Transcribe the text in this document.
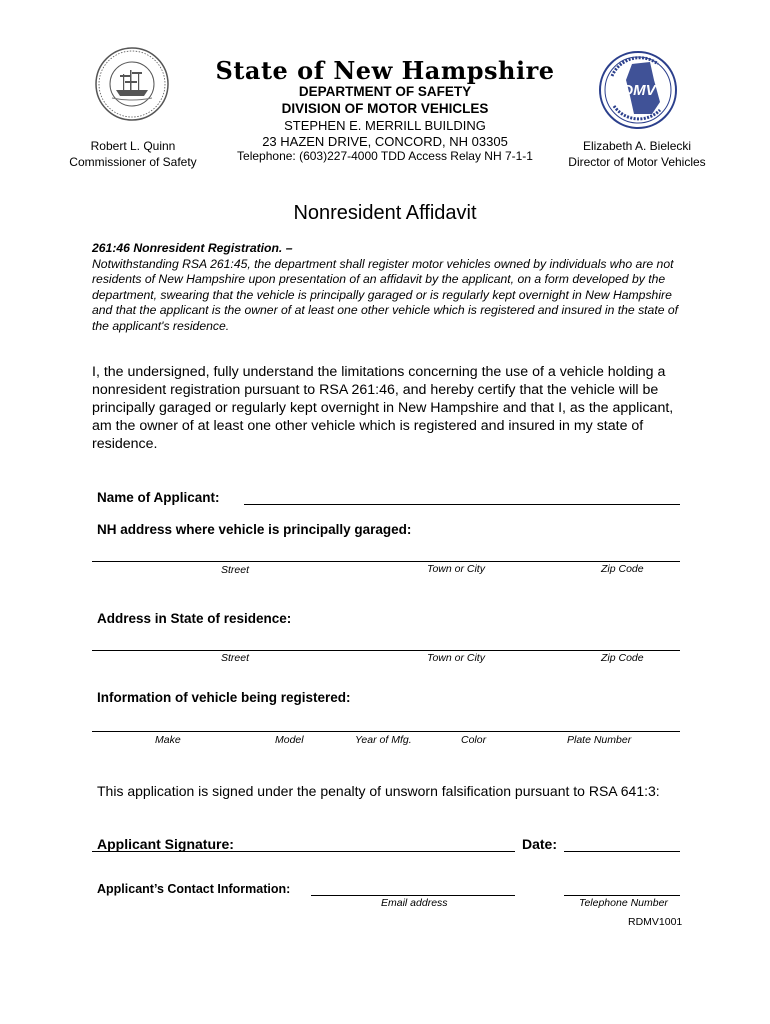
DMV
State of New Hampshire
DEPARTMENT OF SAFETY
DIVISION OF MOTOR VEHICLES
STEPHEN E. MERRILL BUILDING
23 HAZEN DRIVE, CONCORD, NH 03305
Telephone: (603)227-4000 TDD Access Relay NH 7-1-1
Robert L. Quinn
Commissioner of Safety
Elizabeth A. Bielecki
Director of Motor Vehicles
Nonresident Affidavit
261:46 Nonresident Registration. –
Notwithstanding RSA 261:45, the department shall register motor vehicles owned by individuals who are not residents of New Hampshire upon presentation of an affidavit by the applicant, on a form developed by the department, swearing that the vehicle is principally garaged or is regularly kept overnight in New Hampshire and that the applicant is the owner of at least one other vehicle which is registered and insured in the state of the applicant's residence.
I, the undersigned, fully understand the limitations concerning the use of a vehicle holding a nonresident registration pursuant to RSA 261:46, and hereby certify that the vehicle will be principally garaged or regularly kept overnight in New Hampshire and that I, as the applicant, am the owner of at least one other vehicle which is registered and insured in my state of residence.
Name of Applicant:
NH address where vehicle is principally garaged:
Street	Town or City	Zip Code
Address in State of residence:
Street	Town or City	Zip Code
Information of vehicle being registered:
Make	Model	Year of Mfg.	Color	Plate Number
This application is signed under the penalty of unsworn falsification pursuant to RSA 641:3:
Applicant Signature:	Date:
Applicant’s Contact Information:
Email address	Telephone Number
RDMV1001
